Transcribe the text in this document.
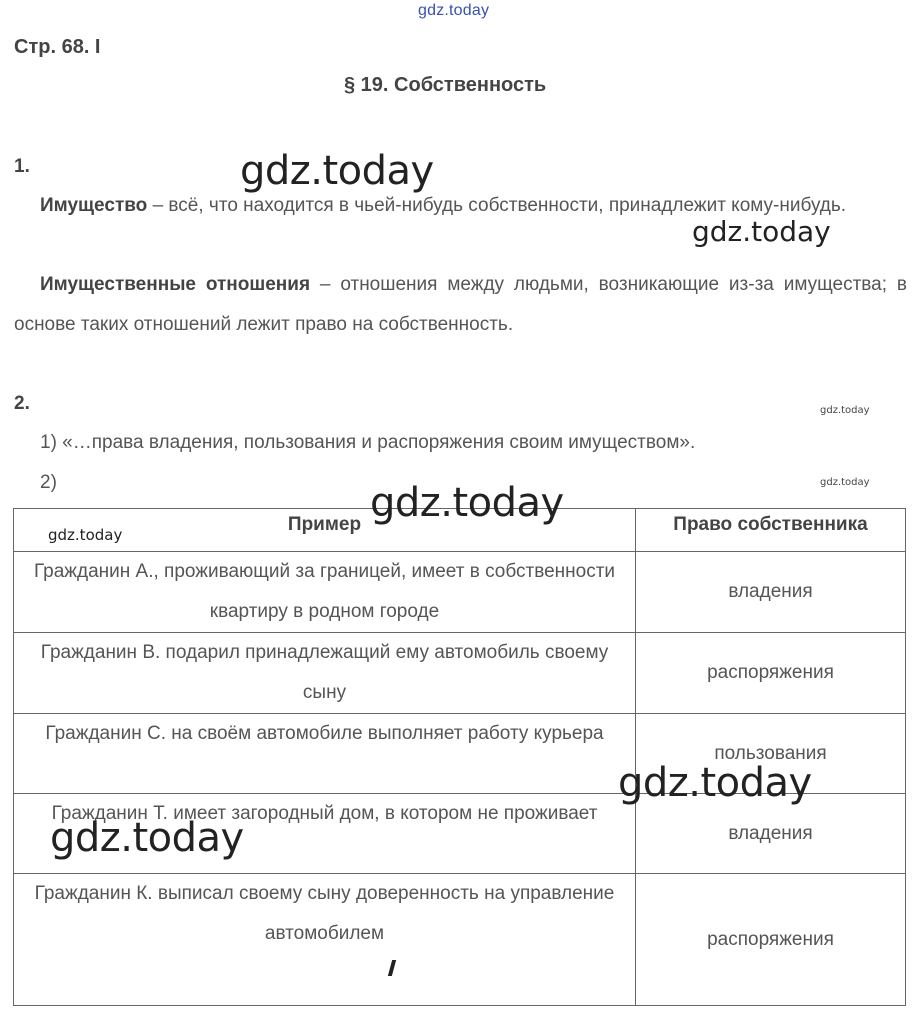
gdz.today
Стр. 68. I
§ 19. Собственность
1.
Имущество – всё, что находится в чьей-нибудь собственности, принадлежит кому-нибудь.
Имущественные отношения – отношения между людьми, возникающие из-за имущества; в основе таких отношений лежит право на собственность.
2.
1) «…права владения, пользования и распоряжения своим имуществом».
2)
Пример	Право собственника
Гражданин А., проживающий за границей, имеет в собственности квартиру в родном городе	владения
Гражданин В. подарил принадлежащий ему автомобиль своему сыну	распоряжения
Гражданин С. на своём автомобиле выполняет работу курьера	пользования
Гражданин Т. имеет загородный дом, в котором не проживает	владения
Гражданин К. выписал своему сыну доверенность на управление автомобилем	распоряжения
gdz.today
gdz.today
gdz.today
gdz.today
gdz.today
gdz.today
gdz.today
gdz.today
